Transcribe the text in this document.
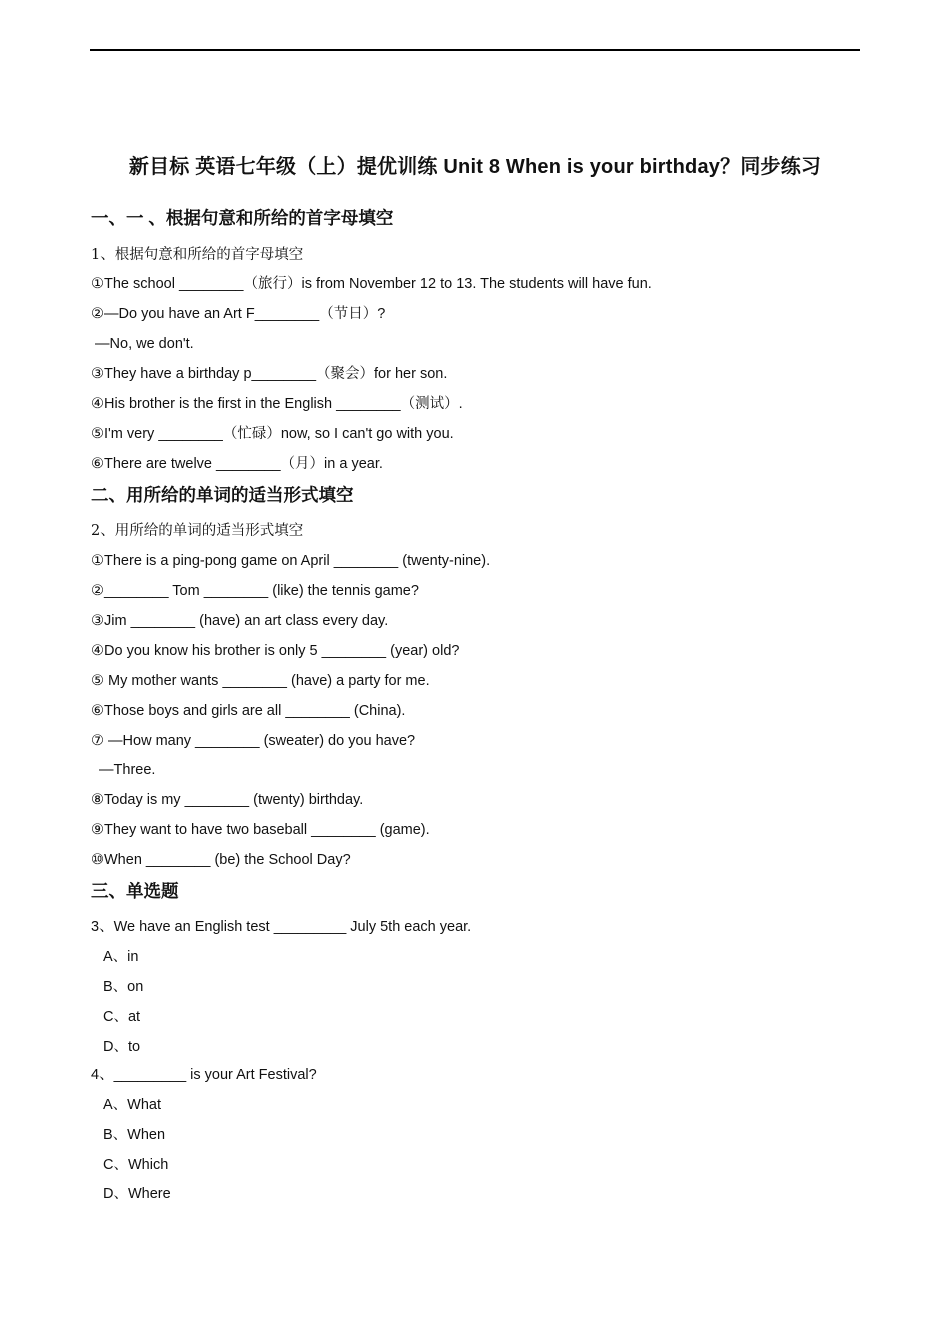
新目标 英语七年级（上）提优训练 Unit 8 When is your birthday？同步练习
一、一 、根据句意和所给的首字母填空
1、根据句意和所给的首字母填空
①The school ________（旅行）is from November 12 to 13. The students will have fun.
②—Do you have an Art F________（节日）?
—No, we don't.
③They have a birthday p________（聚会）for her son.
④His brother is the first in the English ________（测试）.
⑤I'm very ________（忙碌）now, so I can't go with you.
⑥There are twelve ________（月）in a year.
二、用所给的单词的适当形式填空
2、用所给的单词的适当形式填空
①There is a ping-pong game on April ________ (twenty-nine).
②________ Tom ________ (like) the tennis game?
③Jim ________ (have) an art class every day.
④Do you know his brother is only 5 ________ (year) old?
⑤ My mother wants ________ (have) a party for me.
⑥Those boys and girls are all ________ (China).
⑦ —How many ________ (sweater) do you have?
—Three.
⑧Today is my ________ (twenty) birthday.
⑨They want to have two baseball ________ (game).
⑩When ________ (be) the School Day?
三、单选题
3、We have an English test _________ July 5th each year.
A、in
B、on
C、at
D、to
4、_________ is your Art Festival?
A、What
B、When
C、Which
D、Where
